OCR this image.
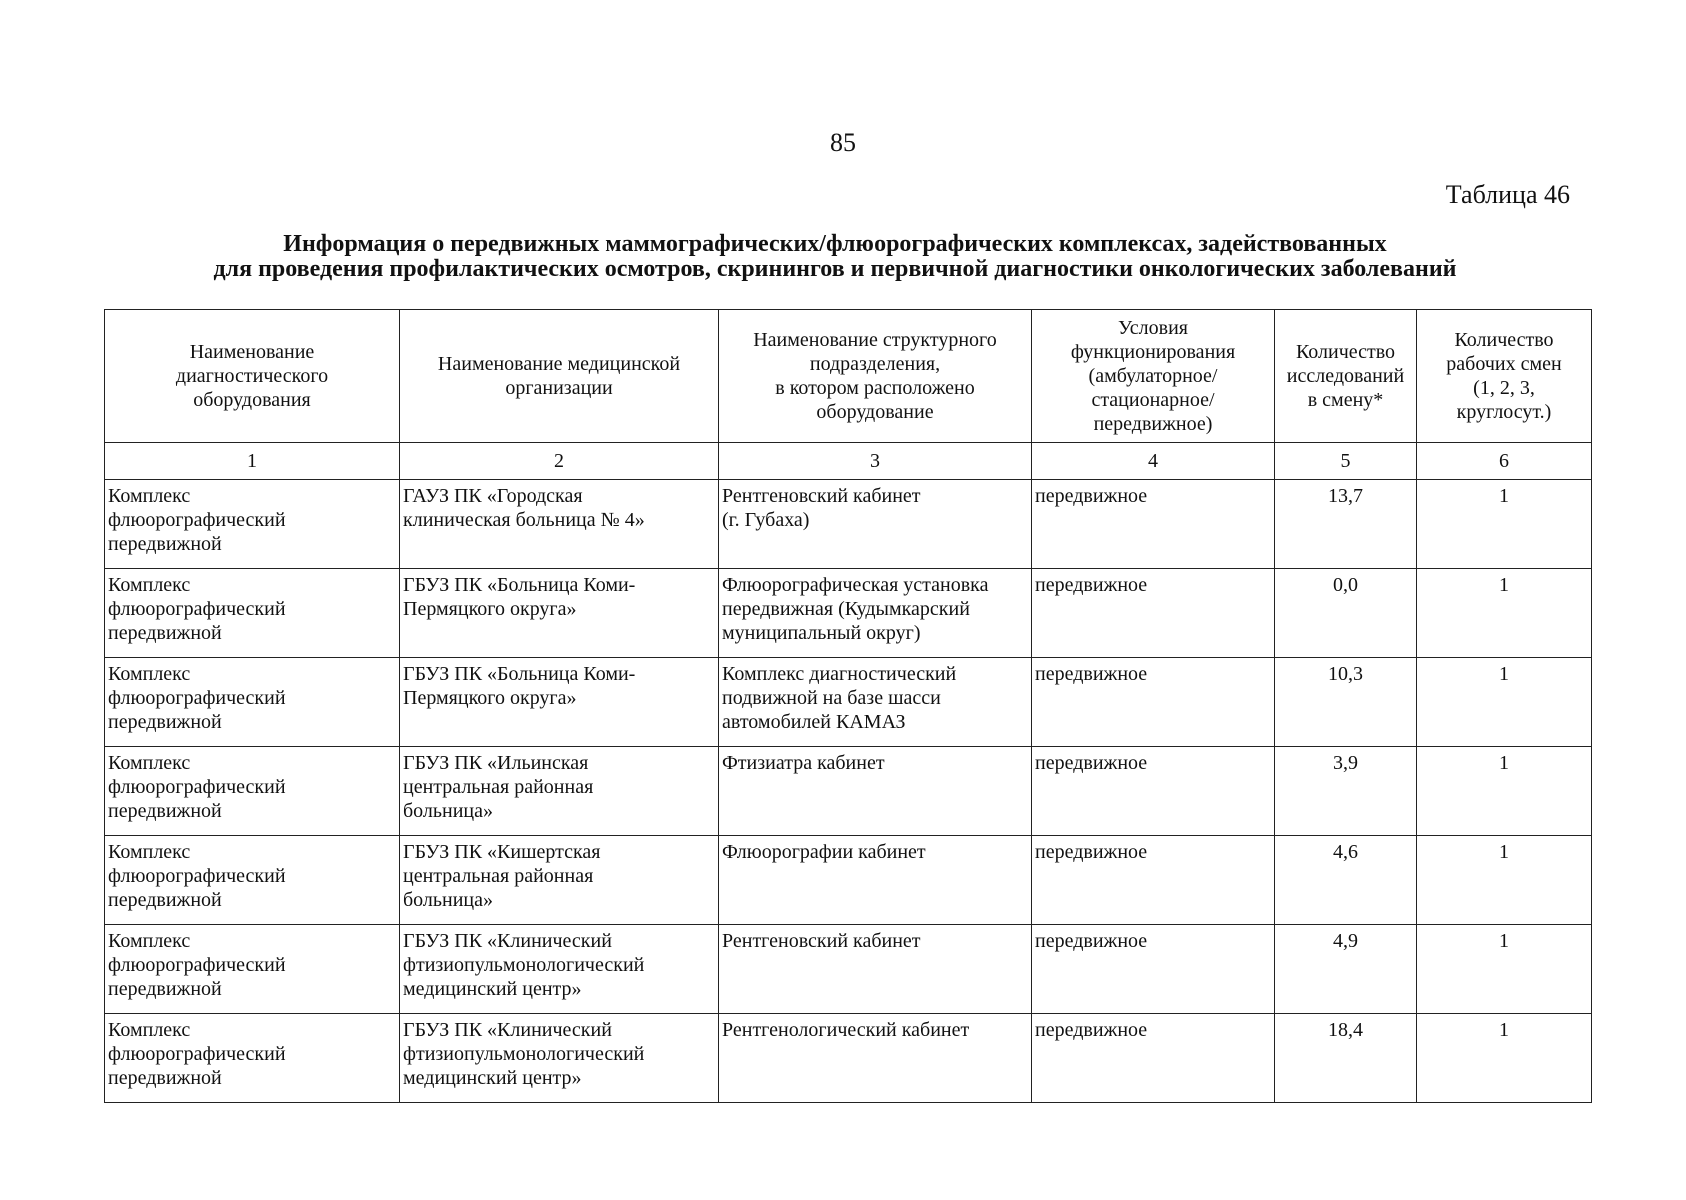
85
Таблица 46
Информация о передвижных маммографических/флюорографических комплексах, задействованных
для проведения профилактических осмотров, скринингов и первичной диагностики онкологических заболеваний
Наименование
диагностического
оборудования	Наименование медицинской
организации	Наименование структурного
подразделения,
в котором расположено
оборудование	Условия
функционирования
(амбулаторное/
стационарное/
передвижное)	Количество
исследований
в смену*	Количество
рабочих смен
(1, 2, 3,
круглосут.)

1	2	3	4	5	6

Комплекс
флюорографический
передвижной	ГАУЗ ПК «Городская
клиническая больница № 4»	Рентгеновский кабинет
(г. Губаха)	передвижное	13,7	1

Комплекс
флюорографический
передвижной	ГБУЗ ПК «Больница Коми-
Пермяцкого округа»	Флюорографическая установка
передвижная (Кудымкарский
муниципальный округ)	передвижное	0,0	1

Комплекс
флюорографический
передвижной	ГБУЗ ПК «Больница Коми-
Пермяцкого округа»	Комплекс диагностический
подвижной на базе шасси
автомобилей КАМАЗ	передвижное	10,3	1

Комплекс
флюорографический
передвижной	ГБУЗ ПК «Ильинская
центральная районная
больница»	Фтизиатра кабинет	передвижное	3,9	1

Комплекс
флюорографический
передвижной	ГБУЗ ПК «Кишертская
центральная районная
больница»	Флюорографии кабинет	передвижное	4,6	1

Комплекс
флюорографический
передвижной	ГБУЗ ПК «Клинический
фтизиопульмонологический
медицинский центр»	Рентгеновский кабинет	передвижное	4,9	1

Комплекс
флюорографический
передвижной	ГБУЗ ПК «Клинический
фтизиопульмонологический
медицинский центр»	Рентгенологический кабинет	передвижное	18,4	1
